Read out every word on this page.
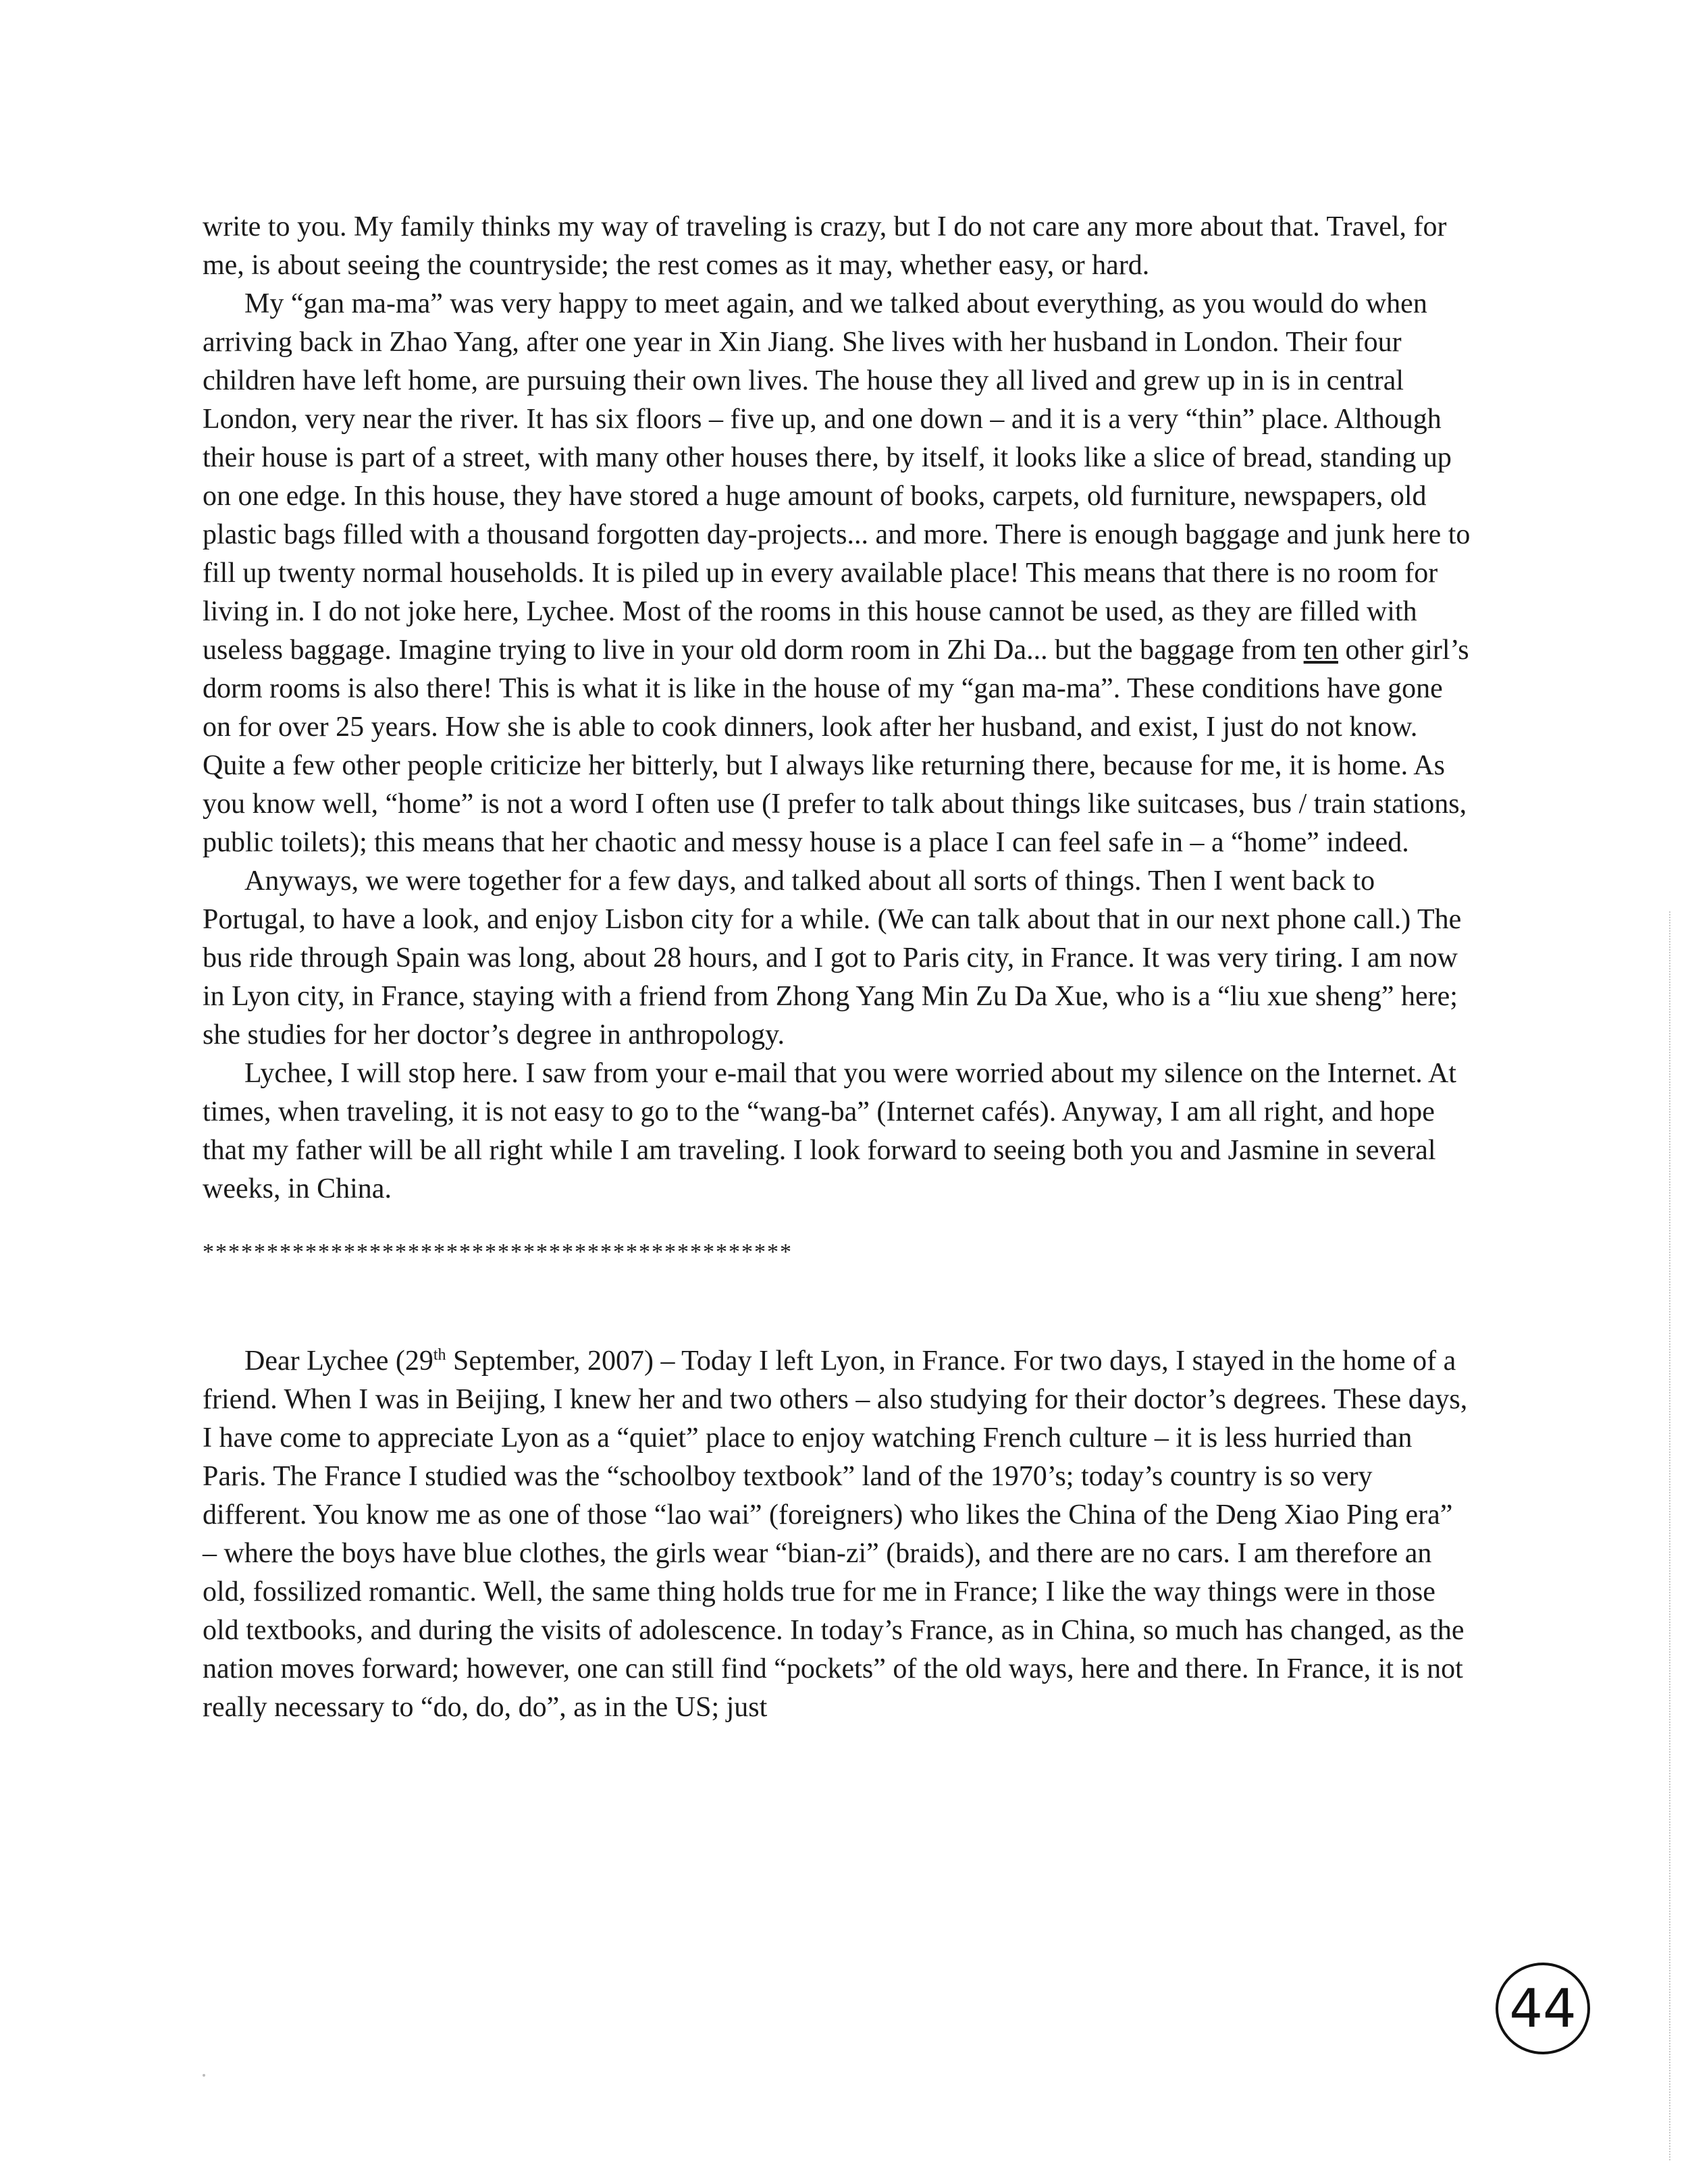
write to you. My family thinks my way of traveling is crazy, but I do not care any more about that. Travel, for me, is about seeing the countryside; the rest comes as it may, whether easy, or hard.

My “gan ma-ma” was very happy to meet again, and we talked about everything, as you would do when arriving back in Zhao Yang, after one year in Xin Jiang. She lives with her husband in London. Their four children have left home, are pursuing their own lives. The house they all lived and grew up in is in central London, very near the river. It has six floors – five up, and one down – and it is a very “thin” place. Although their house is part of a street, with many other houses there, by itself, it looks like a slice of bread, standing up on one edge. In this house, they have stored a huge amount of books, carpets, old furniture, newspapers, old plastic bags filled with a thousand forgotten day-projects... and more. There is enough baggage and junk here to fill up twenty normal households. It is piled up in every available place! This means that there is no room for living in. I do not joke here, Lychee. Most of the rooms in this house cannot be used, as they are filled with useless baggage. Imagine trying to live in your old dorm room in Zhi Da... but the baggage from ten other girl’s dorm rooms is also there! This is what it is like in the house of my “gan ma-ma”. These conditions have gone on for over 25 years. How she is able to cook dinners, look after her husband, and exist, I just do not know. Quite a few other people criticize her bitterly, but I always like returning there, because for me, it is home. As you know well, “home” is not a word I often use (I prefer to talk about things like suitcases, bus / train stations, public toilets); this means that her chaotic and messy house is a place I can feel safe in – a “home” indeed.

Anyways, we were together for a few days, and talked about all sorts of things. Then I went back to Portugal, to have a look, and enjoy Lisbon city for a while. (We can talk about that in our next phone call.) The bus ride through Spain was long, about 28 hours, and I got to Paris city, in France. It was very tiring. I am now in Lyon city, in France, staying with a friend from Zhong Yang Min Zu Da Xue, who is a “liu xue sheng” here; she studies for her doctor’s degree in anthropology.

Lychee, I will stop here. I saw from your e-mail that you were worried about my silence on the Internet. At times, when traveling, it is not easy to go to the “wang-ba” (Internet cafés). Anyway, I am all right, and hope that my father will be all right while I am traveling. I look forward to seeing both you and Jasmine in several weeks, in China.

**********************************************

Dear Lychee (29th September, 2007) – Today I left Lyon, in France. For two days, I stayed in the home of a friend. When I was in Beijing, I knew her and two others – also studying for their doctor’s degrees. These days, I have come to appreciate Lyon as a “quiet” place to enjoy watching French culture – it is less hurried than Paris. The France I studied was the “schoolboy textbook” land of the 1970’s; today’s country is so very different. You know me as one of those “lao wai” (foreigners) who likes the China of the Deng Xiao Ping era” – where the boys have blue clothes, the girls wear “bian-zi” (braids), and there are no cars. I am therefore an old, fossilized romantic. Well, the same thing holds true for me in France; I like the way things were in those old textbooks, and during the visits of adolescence. In today’s France, as in China, so much has changed, as the nation moves forward; however, one can still find “pockets” of the old ways, here and there. In France, it is not really necessary to “do, do, do”, as in the US; just

44
